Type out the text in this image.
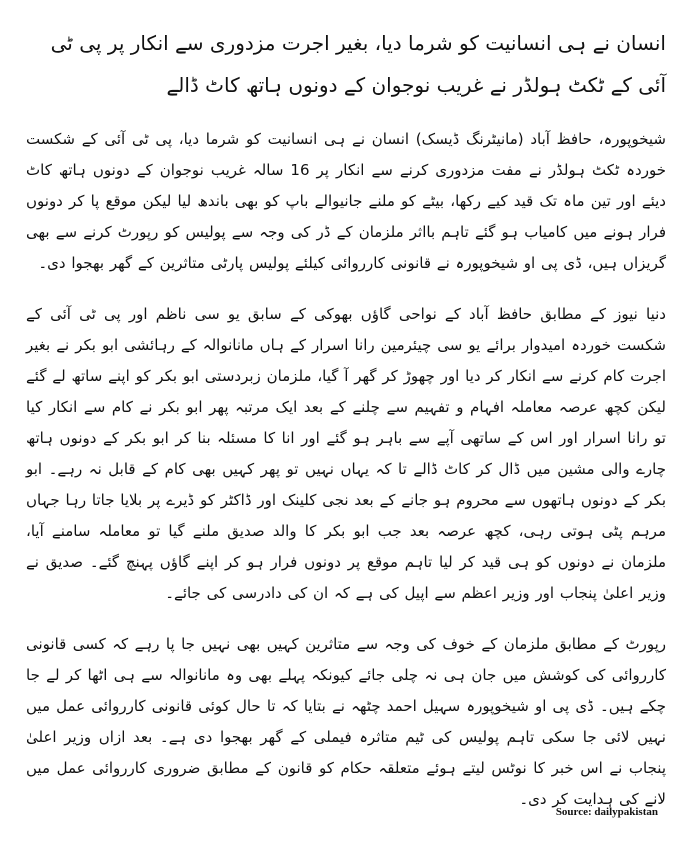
انسان نے ہی انسانیت کو شرما دیا، بغیر اجرت مزدوری سے انکار پر پی ٹی آئی کے ٹکٹ ہولڈر نے غریب نوجوان کے دونوں ہاتھ کاٹ ڈالے

شیخوپورہ، حافظ آباد (مانیٹرنگ ڈیسک) انسان نے ہی انسانیت کو شرما دیا، پی ٹی آئی کے شکست خوردہ ٹکٹ ہولڈر نے مفت مزدوری کرنے سے انکار پر 16 سالہ غریب نوجوان کے دونوں ہاتھ کاٹ دیئے اور تین ماہ تک قید کیے رکھا، بیٹے کو ملنے جانیوالے باپ کو بھی باندھ لیا لیکن موقع پا کر دونوں فرار ہونے میں کامیاب ہو گئے تاہم بااثر ملزمان کے ڈر کی وجہ سے پولیس کو رپورٹ کرنے سے بھی گریزاں ہیں، ڈی پی او شیخوپورہ نے قانونی کارروائی کیلئے پولیس پارٹی متاثرین کے گھر بھجوا دی۔

دنیا نیوز کے مطابق حافظ آباد کے نواحی گاؤں بھوکی کے سابق یو سی ناظم اور پی ٹی آئی کے شکست خوردہ امیدوار برائے یو سی چیئرمین رانا اسرار کے ہاں مانانوالہ کے رہائشی ابو بکر نے بغیر اجرت کام کرنے سے انکار کر دیا اور چھوڑ کر گھر آ گیا، ملزمان زبردستی ابو بکر کو اپنے ساتھ لے گئے لیکن کچھ عرصہ معاملہ افہام و تفہیم سے چلنے کے بعد ایک مرتبہ پھر ابو بکر نے کام سے انکار کیا تو رانا اسرار اور اس کے ساتھی آپے سے باہر ہو گئے اور انا کا مسئلہ بنا کر ابو بکر کے دونوں ہاتھ چارے والی مشین میں ڈال کر کاٹ ڈالے تا کہ یہاں نہیں تو پھر کہیں بھی کام کے قابل نہ رہے۔ ابو بکر کے دونوں ہاتھوں سے محروم ہو جانے کے بعد نجی کلینک اور ڈاکٹر کو ڈیرے پر بلایا جاتا رہا جہاں مرہم پٹی ہوتی رہی، کچھ عرصہ بعد جب ابو بکر کا والد صدیق ملنے گیا تو معاملہ سامنے آیا، ملزمان نے دونوں کو ہی قید کر لیا تاہم موقع پر دونوں فرار ہو کر اپنے گاؤں پہنچ گئے۔ صدیق نے وزیر اعلیٰ پنجاب اور وزیر اعظم سے اپیل کی ہے کہ ان کی دادرسی کی جائے۔

رپورٹ کے مطابق ملزمان کے خوف کی وجہ سے متاثرین کہیں بھی نہیں جا پا رہے کہ کسی قانونی کارروائی کی کوشش میں جان ہی نہ چلی جائے کیونکہ پہلے بھی وہ مانانوالہ سے ہی اٹھا کر لے جا چکے ہیں۔ ڈی پی او شیخوپورہ سہیل احمد چٹھہ نے بتایا کہ تا حال کوئی قانونی کارروائی عمل میں نہیں لائی جا سکی تاہم پولیس کی ٹیم متاثرہ فیملی کے گھر بھجوا دی ہے۔ بعد ازاں وزیر اعلیٰ پنجاب نے اس خبر کا نوٹس لیتے ہوئے متعلقہ حکام کو قانون کے مطابق ضروری کارروائی عمل میں لانے کی ہدایت کر دی۔

Source: dailypakistan
